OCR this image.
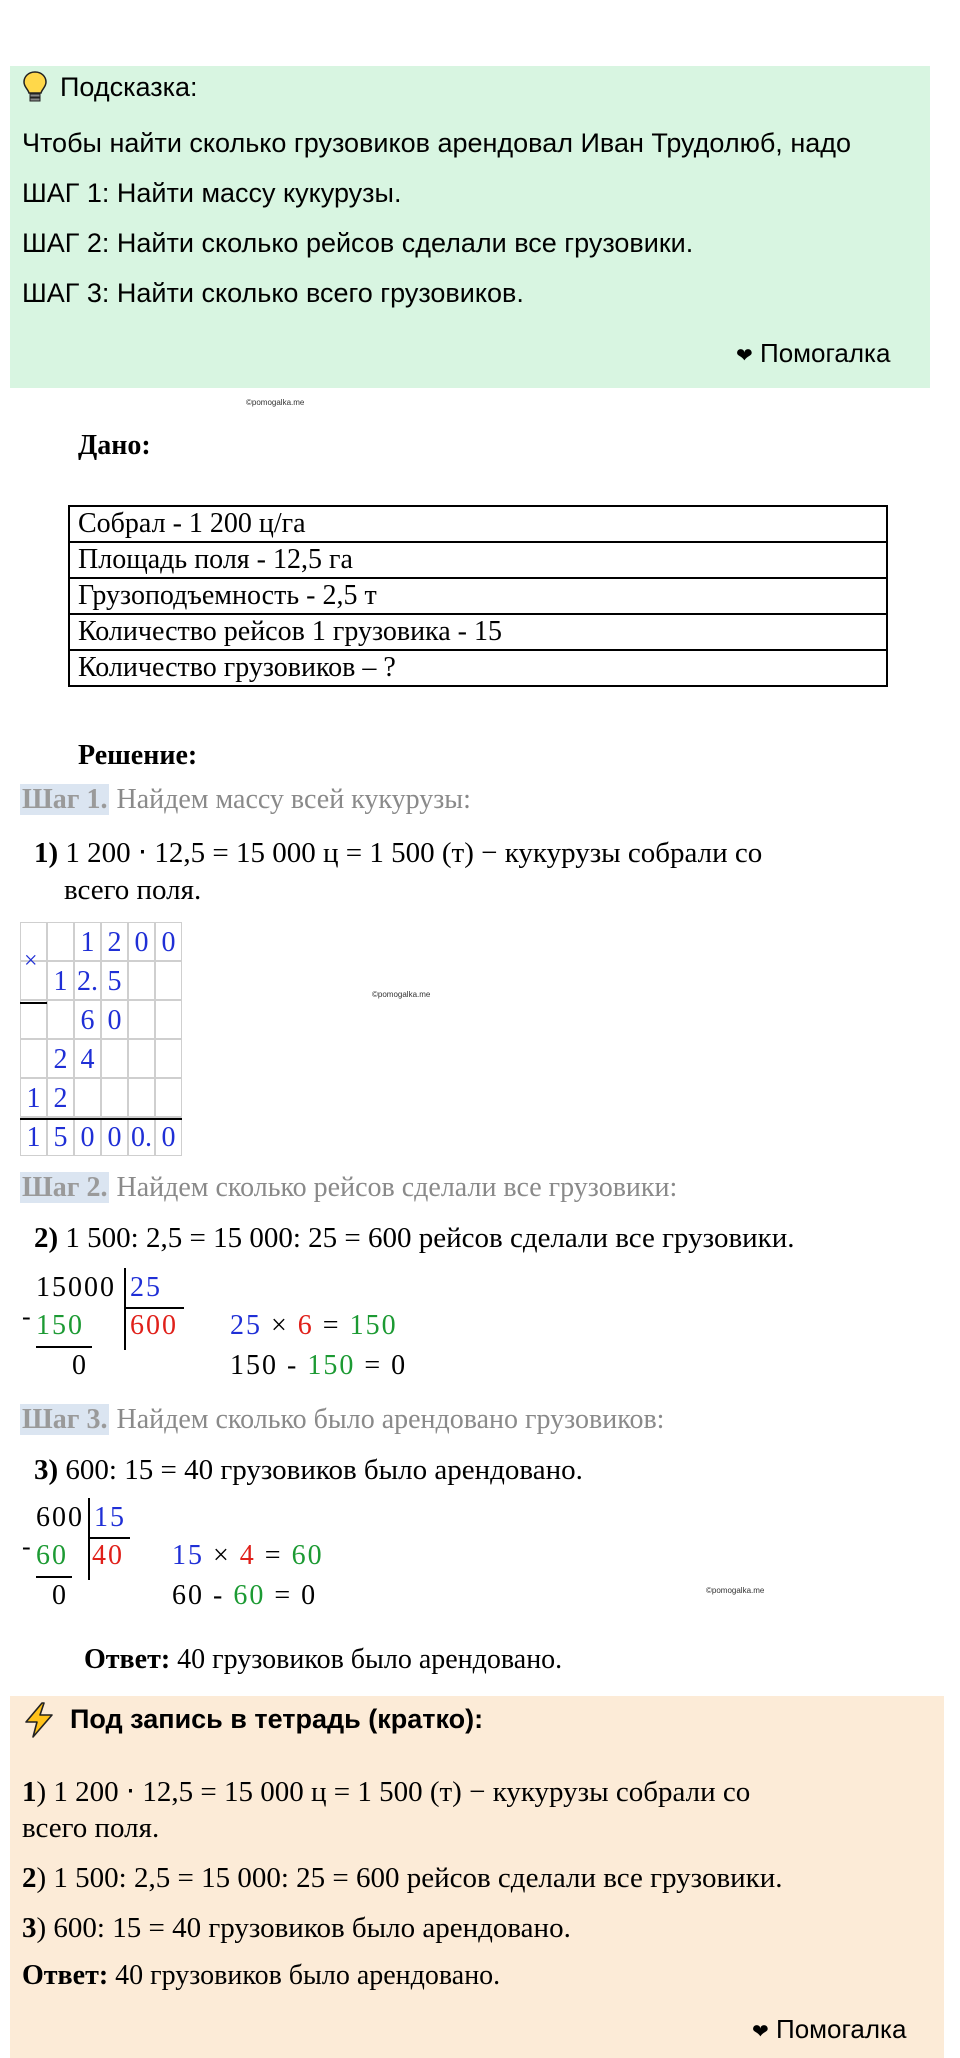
Подсказка:
Чтобы найти сколько грузовиков арендовал Иван Трудолюб, надо
ШАГ 1: Найти массу кукурузы.
ШАГ 2: Найти сколько рейсов сделали все грузовики.
ШАГ 3: Найти сколько всего грузовиков.
❤ Помогалка
©pomogalka.me
Дано:
Собрал - 1 200 ц/га
Площадь поля - 12,5 га
Грузоподъемность - 2,5 т
Количество рейсов 1 грузовика - 15
Количество грузовиков – ?
Решение:
Шаг 1. Найдем массу всей кукурузы:
1) 1 200 ⋅ 12,5 = 15 000 ц = 1 500 (т) − кукурузы собрали со
всего поля.
1 2 0 0
1 2. 5
6 0
2 4
1 2
1 5 0 0 0. 0
×
©pomogalka.me
Шаг 2. Найдем сколько рейсов сделали все грузовики:
2) 1 500: 2,5 = 15 000: 25 = 600 рейсов сделали все грузовики.
15000 25
- 150 600
0
25 × 6 = 150
150 - 150 = 0
Шаг 3. Найдем сколько было арендовано грузовиков:
3) 600: 15 = 40 грузовиков было арендовано.
600 15
- 60 40
0
15 × 4 = 60
60 - 60 = 0	©pomogalka.me
Ответ: 40 грузовиков было арендовано.
Под запись в тетрадь (кратко):
1) 1 200 ⋅ 12,5 = 15 000 ц = 1 500 (т) − кукурузы собрали со
всего поля.
2) 1 500: 2,5 = 15 000: 25 = 600 рейсов сделали все грузовики.
3) 600: 15 = 40 грузовиков было арендовано.
Ответ: 40 грузовиков было арендовано.
❤ Помогалка
